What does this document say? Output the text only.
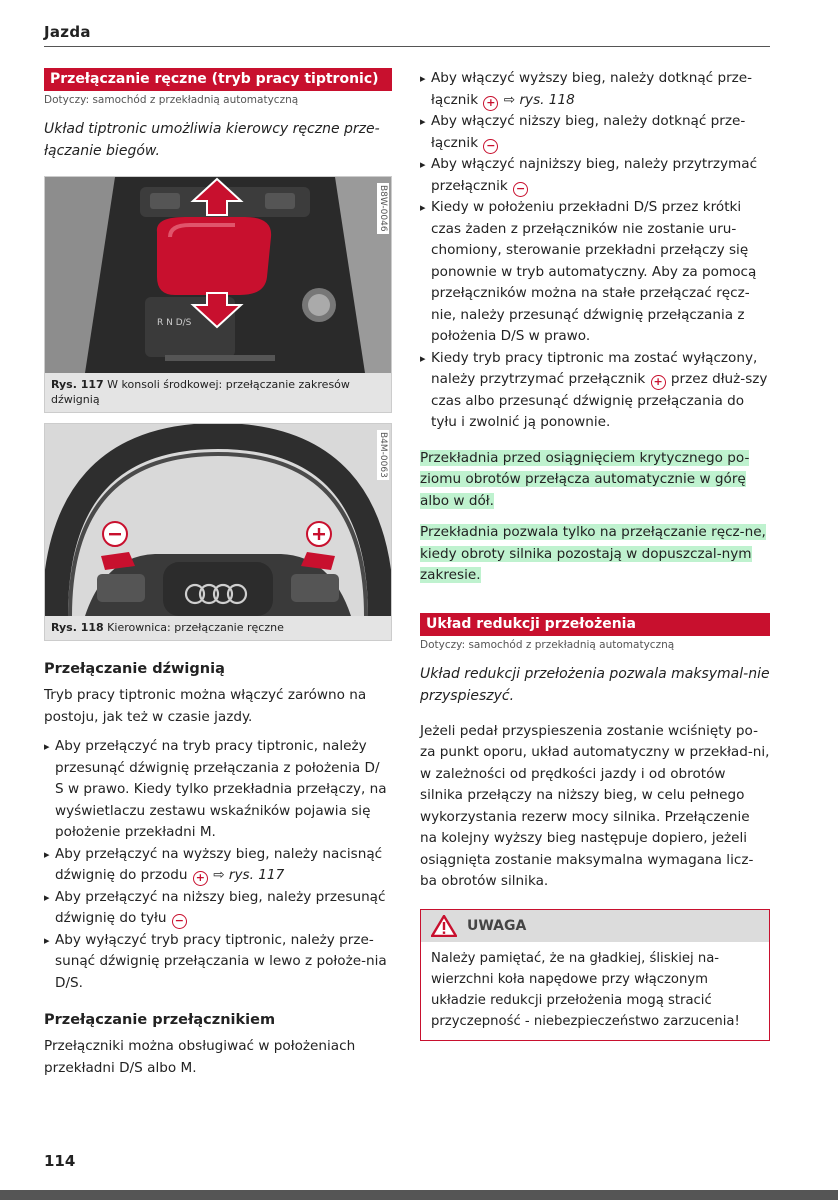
Jazda
Przełączanie ręczne (tryb pracy tiptronic)
Dotyczy: samochód z przekładnią automatyczną
Układ tiptronic umożliwia kierowcy ręczne prze-łączanie biegów.
R N D/S
B8W-0046
Rys. 117 W konsoli środkowej: przełączanie zakresów dźwignią
B4M-0063
Rys. 118 Kierownica: przełączanie ręczne
Przełączanie dźwignią

Tryb pracy tiptronic można włączyć zarówno na postoju, jak też w czasie jazdy.

▸ Aby przełączyć na tryb pracy tiptronic, należy przesunąć dźwignię przełączania z położenia D/ S w prawo. Kiedy tylko przekładnia przełączy, na wyświetlaczu zestawu wskaźników pojawia się położenie przekładni M.
▸ Aby przełączyć na wyższy bieg, należy nacisnąć dźwignię do przodu + ⇨ rys. 117
▸ Aby przełączyć na niższy bieg, należy przesunąć dźwignię do tyłu −
▸ Aby wyłączyć tryb pracy tiptronic, należy prze-sunąć dźwignię przełączania w lewo z położe-nia D/S.
Przełączanie przełącznikiem

Przełączniki można obsługiwać w położeniach przekładni D/S albo M.

▸ Aby włączyć wyższy bieg, należy dotknąć prze-łącznik + ⇨ rys. 118
▸ Aby włączyć niższy bieg, należy dotknąć prze-łącznik −
▸ Aby włączyć najniższy bieg, należy przytrzymać przełącznik −
▸ Kiedy w położeniu przekładni D/S przez krótki czas żaden z przełączników nie zostanie uru-chomiony, sterowanie przekładni przełączy się ponownie w tryb automatyczny. Aby za pomocą przełączników można na stałe przełączać ręcz-nie, należy przesunąć dźwignię przełączania z położenia D/S w prawo.
▸ Kiedy tryb pracy tiptronic ma zostać wyłączony, należy przytrzymać przełącznik + przez dłuż-szy czas albo przesunąć dźwignię przełączania do tyłu i zwolnić ją ponownie.

Przekładnia przed osiągnięciem krytycznego po-ziomu obrotów przełącza automatycznie w górę albo w dół.

Przekładnia pozwala tylko na przełączanie ręcz-ne, kiedy obroty silnika pozostają w dopuszczal-nym zakresie.

Układ redukcji przełożenia
Dotyczy: samochód z przekładnią automatyczną
Układ redukcji przełożenia pozwala maksymal-nie przyspieszyć.

Jeżeli pedał przyspieszenia zostanie wciśnięty po-za punkt oporu, układ automatyczny w przekład-ni, w zależności od prędkości jazdy i od obrotów silnika przełączy na niższy bieg, w celu pełnego wykorzystania rezerw mocy silnika. Przełączenie na kolejny wyższy bieg następuje dopiero, jeżeli osiągnięta zostanie maksymalna wymagana licz-ba obrotów silnika.

UWAGA
Należy pamiętać, że na gładkiej, śliskiej na-wierzchni koła napędowe przy włączonym układzie redukcji przełożenia mogą stracić przyczepność - niebezpieczeństwo zarzucenia!
114
